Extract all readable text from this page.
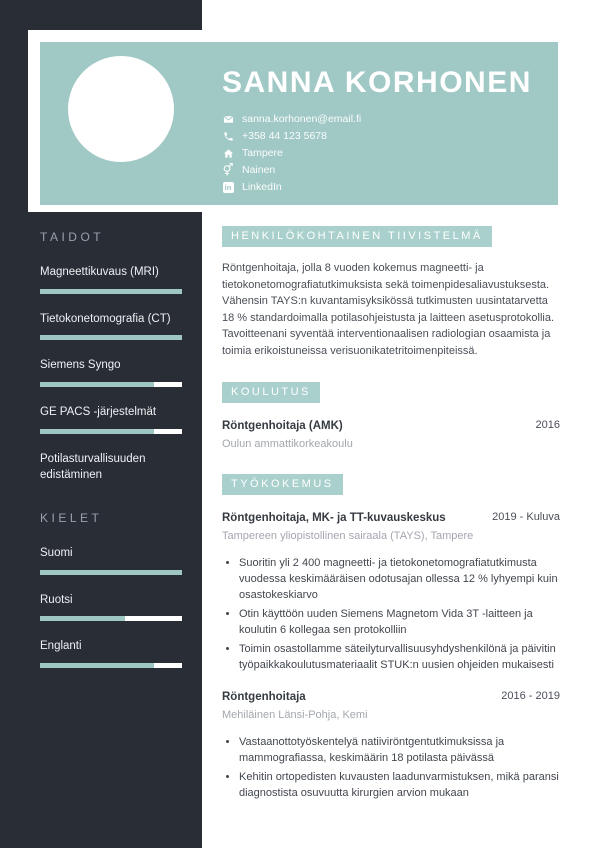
SANNA KORHONEN
sanna.korhonen@email.fi
+358 44 123 5678
Tampere
⚥ Nainen
in LinkedIn
TAIDOT
Magneettikuvaus (MRI)
Tietokonetomografia (CT)
Siemens Syngo
GE PACS -järjestelmät
Potilasturvallisuuden edistäminen
KIELET
Suomi
Ruotsi
Englanti
HENKILÖKOHTAINEN TIIVISTELMÄ

Röntgenhoitaja, jolla 8 vuoden kokemus magneetti- ja tietokonetomografiatutkimuksista sekä toimenpidesaliavustuksesta. Vähensin TAYS:n kuvantamisyksikössä tutkimusten uusintatarvetta 18 % standardoimalla potilasohjeistusta ja laitteen asetusprotokollia. Tavoitteenani syventää interventionaalisen radiologian osaamista ja toimia erikoistuneissa verisuonikatetritoimenpiteissä.

KOULUTUS
Röntgenhoitaja (AMK)	2016
Oulun ammattikorkeakoulu
TYÖKOKEMUS
Röntgenhoitaja, MK- ja TT-kuvauskeskus	2019 - Kuluva
Tampereen yliopistollinen sairaala (TAYS), Tampere
• Suoritin yli 2 400 magneetti- ja tietokonetomografiatutkimusta vuodessa keskimääräisen odotusajan ollessa 12 % lyhyempi kuin osastokeskiarvo
• Otin käyttöön uuden Siemens Magnetom Vida 3T -laitteen ja koulutin 6 kollegaa sen protokolliin
• Toimin osastollamme säteilyturvallisuusyhdyshenkilönä ja päivitin työpaikkakoulutusmateriaalit STUK:n uusien ohjeiden mukaisesti
Röntgenhoitaja	2016 - 2019
Mehiläinen Länsi-Pohja, Kemi
• Vastaanottotyöskentelyä natiiviröntgentutkimuksissa ja mammografiassa, keskimäärin 18 potilasta päivässä
• Kehitin ortopedisten kuvausten laadunvarmistuksen, mikä paransi diagnostista osuvuutta kirurgien arvion mukaan
